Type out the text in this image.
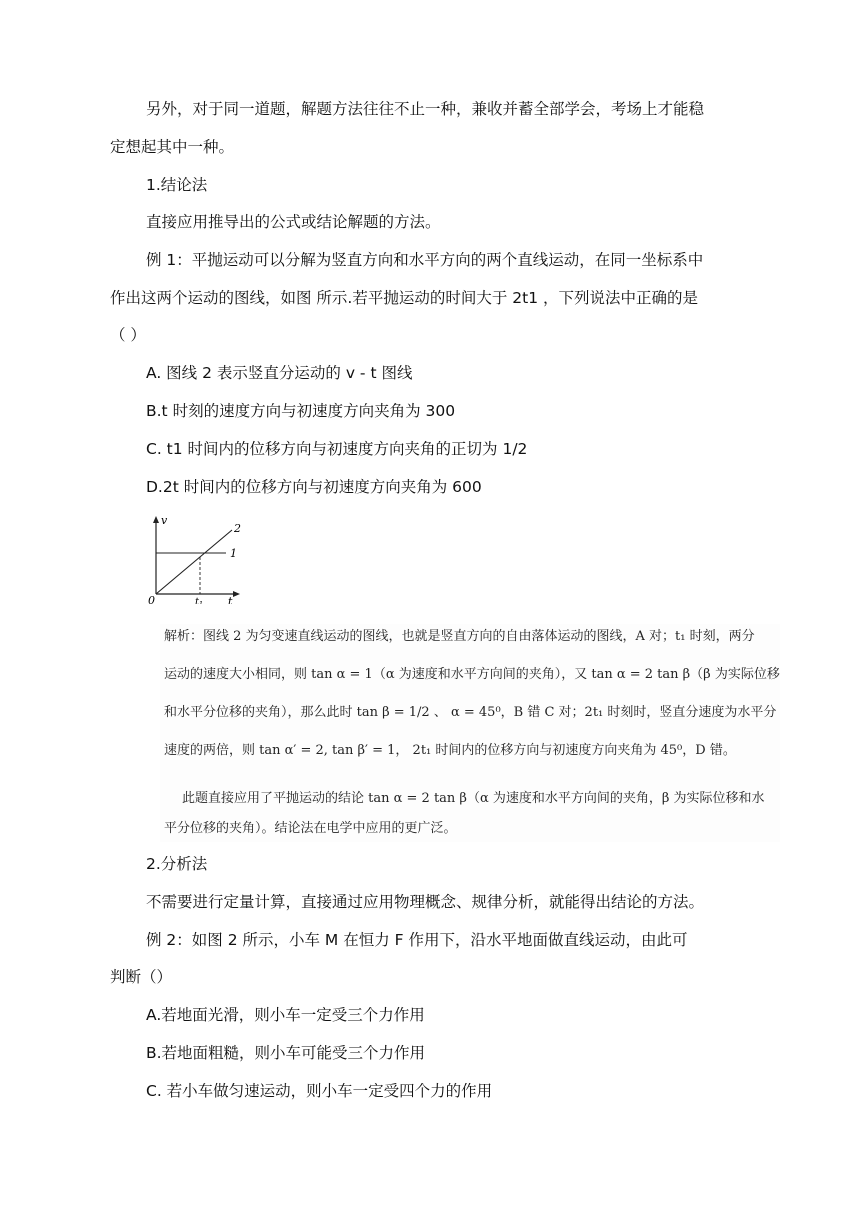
另外，对于同一道题，解题方法往往不止一种，兼收并蓄全部学会，考场上才能稳
定想起其中一种。
1.结论法
直接应用推导出的公式或结论解题的方法。
例 1：平抛运动可以分解为竖直方向和水平方向的两个直线运动，在同一坐标系中
作出这两个运动的图线，如图 所示.若平抛运动的时间大于 2t1 ，下列说法中正确的是
（ ）
A. 图线 2 表示竖直分运动的 v - t 图线
B.t 时刻的速度方向与初速度方向夹角为 300
C. t1 时间内的位移方向与初速度方向夹角的正切为 1/2
D.2t 时间内的位移方向与初速度方向夹角为 600
v
t
0	t₁
1
2
解析：图线 2 为匀变速直线运动的图线，也就是竖直方向的自由落体运动的图线，A 对；t₁ 时刻，两分
运动的速度大小相同，则 tan α = 1（α 为速度和水平方向间的夹角），又 tan α = 2 tan β（β 为实际位移
和水平分位移的夹角），那么此时 tan β = 1/2 、 α = 45⁰，B 错 C 对；2t₁ 时刻时，竖直分速度为水平分
速度的两倍，则 tan α′ = 2, tan β′ = 1， 2t₁ 时间内的位移方向与初速度方向夹角为 45⁰，D 错。
此题直接应用了平抛运动的结论 tan α = 2 tan β（α 为速度和水平方向间的夹角，β 为实际位移和水
平分位移的夹角）。结论法在电学中应用的更广泛。
2.分析法
不需要进行定量计算，直接通过应用物理概念、规律分析，就能得出结论的方法。
例 2：如图 2 所示，小车 M 在恒力 F 作用下，沿水平地面做直线运动，由此可
判断（）
A.若地面光滑，则小车一定受三个力作用
B.若地面粗糙，则小车可能受三个力作用
C. 若小车做匀速运动，则小车一定受四个力的作用
